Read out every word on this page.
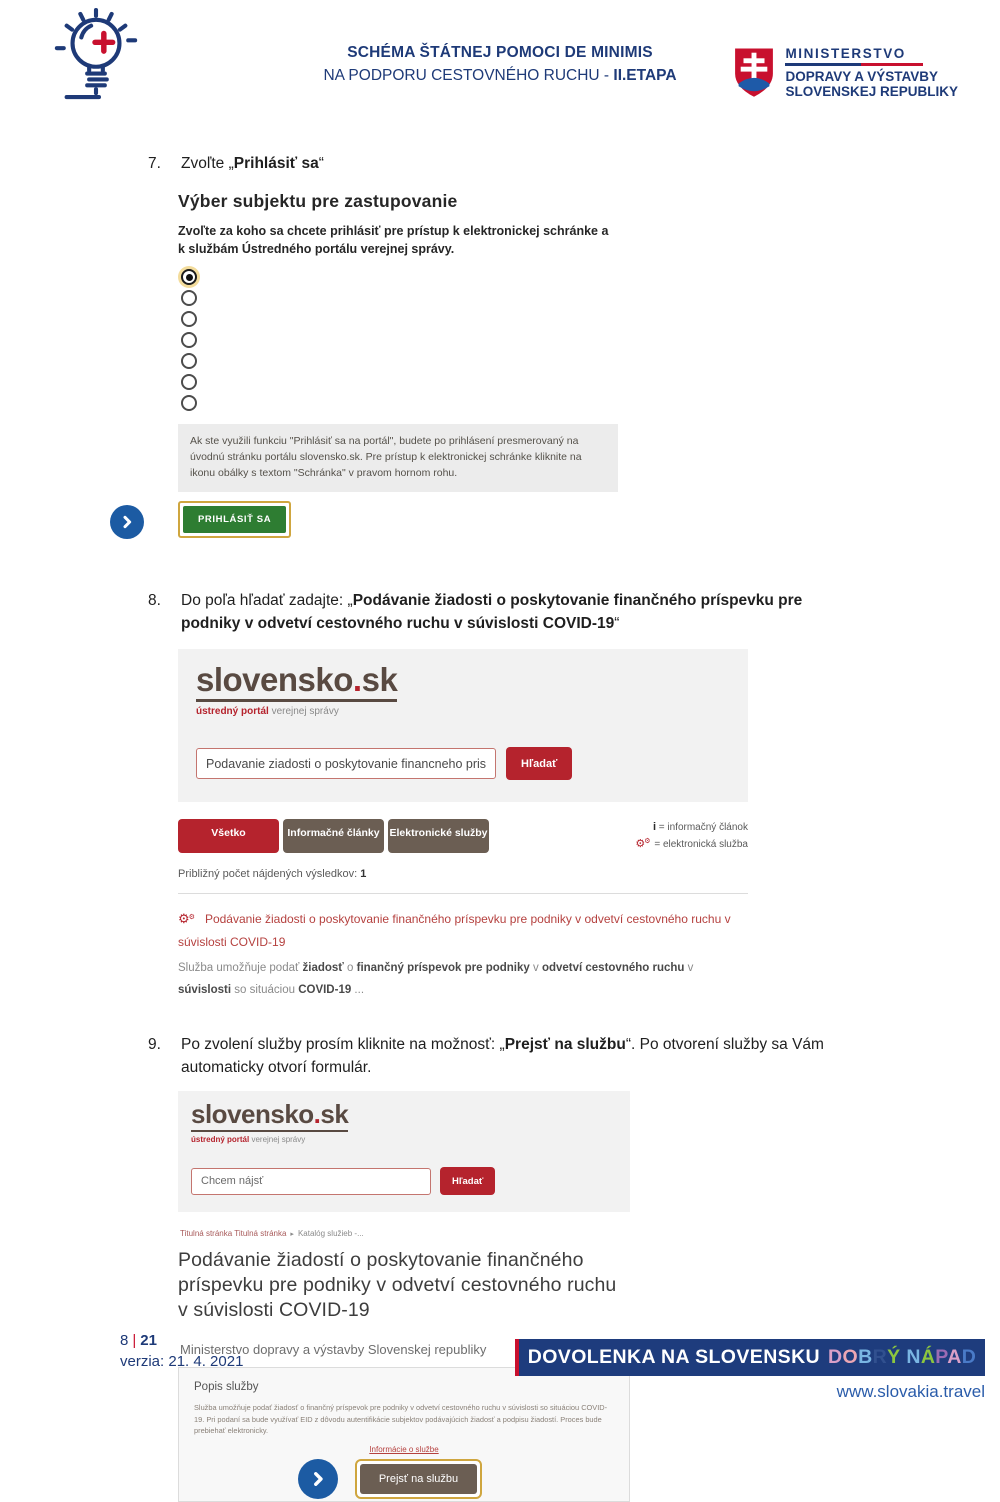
SCHÉMA ŠTÁTNEJ POMOCI DE MINIMIS
NA PODPORU CESTOVNÉHO RUCHU - II.ETAPA
MINISTERSTVO
DOPRAVY A VÝSTAVBY
SLOVENSKEJ REPUBLIKY
7.	Zvoľte „Prihlásiť sa“
Výber subjektu pre zastupovanie
Zvoľte za koho sa chcete prihlásiť pre prístup k elektronickej schránke a k službám Ústredného portálu verejnej správy.
Ak ste využili funkciu "Prihlásiť sa na portál", budete po prihlásení presmerovaný na úvodnú stránku portálu slovensko.sk. Pre prístup k elektronickej schránke kliknite na ikonu obálky s textom "Schránka" v pravom hornom rohu.
PRIHLÁSIŤ SA
8.	Do poľa hľadať zadajte: „Podávanie žiadosti o poskytovanie finančného príspevku pre podniky v odvetví cestovného ruchu v súvislosti COVID-19“
slovensko.sk
ústredný portál verejnej správy
Podavanie ziadosti o poskytovanie financneho prispevk
Hľadať
Všetko	Informačné články Elektronické služby	i = informačný článok
⚙ ⚙ = elektronická služba
Približný počet nájdených výsledkov: 1
⚙ ⚙ Podávanie žiadosti o poskytovanie finančného príspevku pre podniky v odvetví cestovného ruchu v súvislosti COVID-19
Služba umožňuje podať žiadosť o finančný príspevok pre podniky v odvetví cestovného ruchu v súvislosti so situáciou COVID-19 ...
9.	Po zvolení služby prosím kliknite na možnosť: „Prejsť na službu“. Po otvorení služby sa Vám automaticky otvorí formulár.
slovensko.sk
ústredný portál verejnej správy
Chcem nájsť
Hľadať
Titulná stránka Titulná stránka ▸ Katalóg služieb -...
Podávanie žiadostí o poskytovanie finančného príspevku pre podniky v odvetví cestovného ruchu v súvislosti COVID-19
Ministerstvo dopravy a výstavby Slovenskej republiky
Popis služby
Služba umožňuje podať žiadosť o finančný príspevok pre podniky v odvetví cestovného ruchu v súvislosti so situáciou COVID-19. Pri podaní sa bude využívať EID z dôvodu autentifikácie subjektov podávajúcich žiadosť a podpisu žiadostí. Proces bude prebiehať elektronicky.
Informácie o službe
Prejsť na službu
8 | 21
verzia: 21. 4. 2021	DOVOLENKA NA SLOVENSKU DOBRÝ NÁPAD
www.slovakia.travel
